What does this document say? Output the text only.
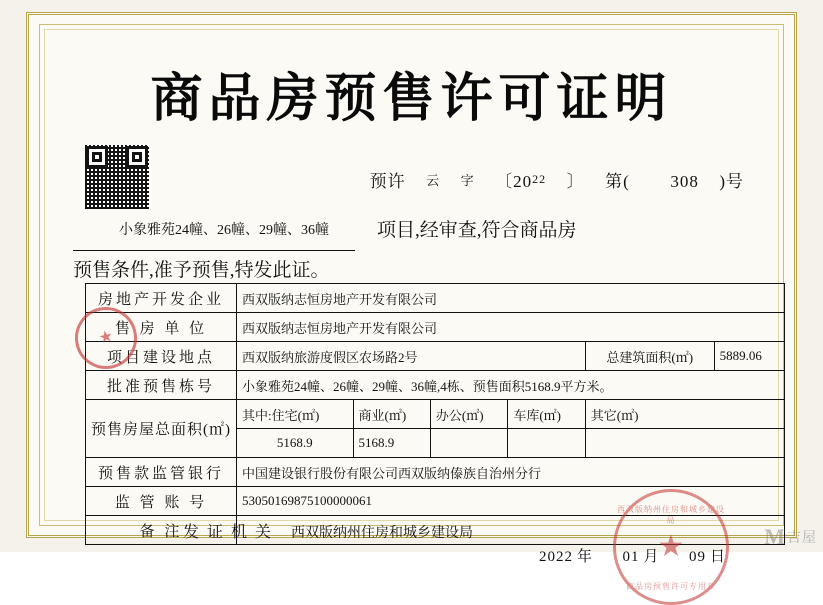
商品房预售许可证明
预许 云 字 〔$20^{22}$ 〕 第( 308 )号
小象雅苑24幢、26幢、29幢、36幢	项目,经审查,符合商品房
预售条件,准予预售,特发此证。
房地产开发企业	西双版纳志恒房地产开发有限公司					
售 房 单 位	西双版纳志恒房地产开发有限公司					
项目建设地点	西双版纳旅游度假区农场路2号				总建筑面积(㎡)	5889.06
批准预售栋号	小象雅苑24幢、26幢、29幢、36幢,4栋、预售面积5168.9平方米。					
预售房屋总面积(㎡)	其中:住宅(㎡)	商业(㎡)	办公(㎡)	车库(㎡)	其它(㎡)	
	5168.9	5168.9				
预售款监管银行	中国建设银行股份有限公司西双版纳傣族自治州分行					
监 管 账 号	53050169875100000061					
备 注						发 证 机 关 西双版纳州住房和城乡建设局
2022 年 01 月 09 日
★
西双版纳州住房和城乡建设局
★
商品房预售许可专用章
M 吉屋
